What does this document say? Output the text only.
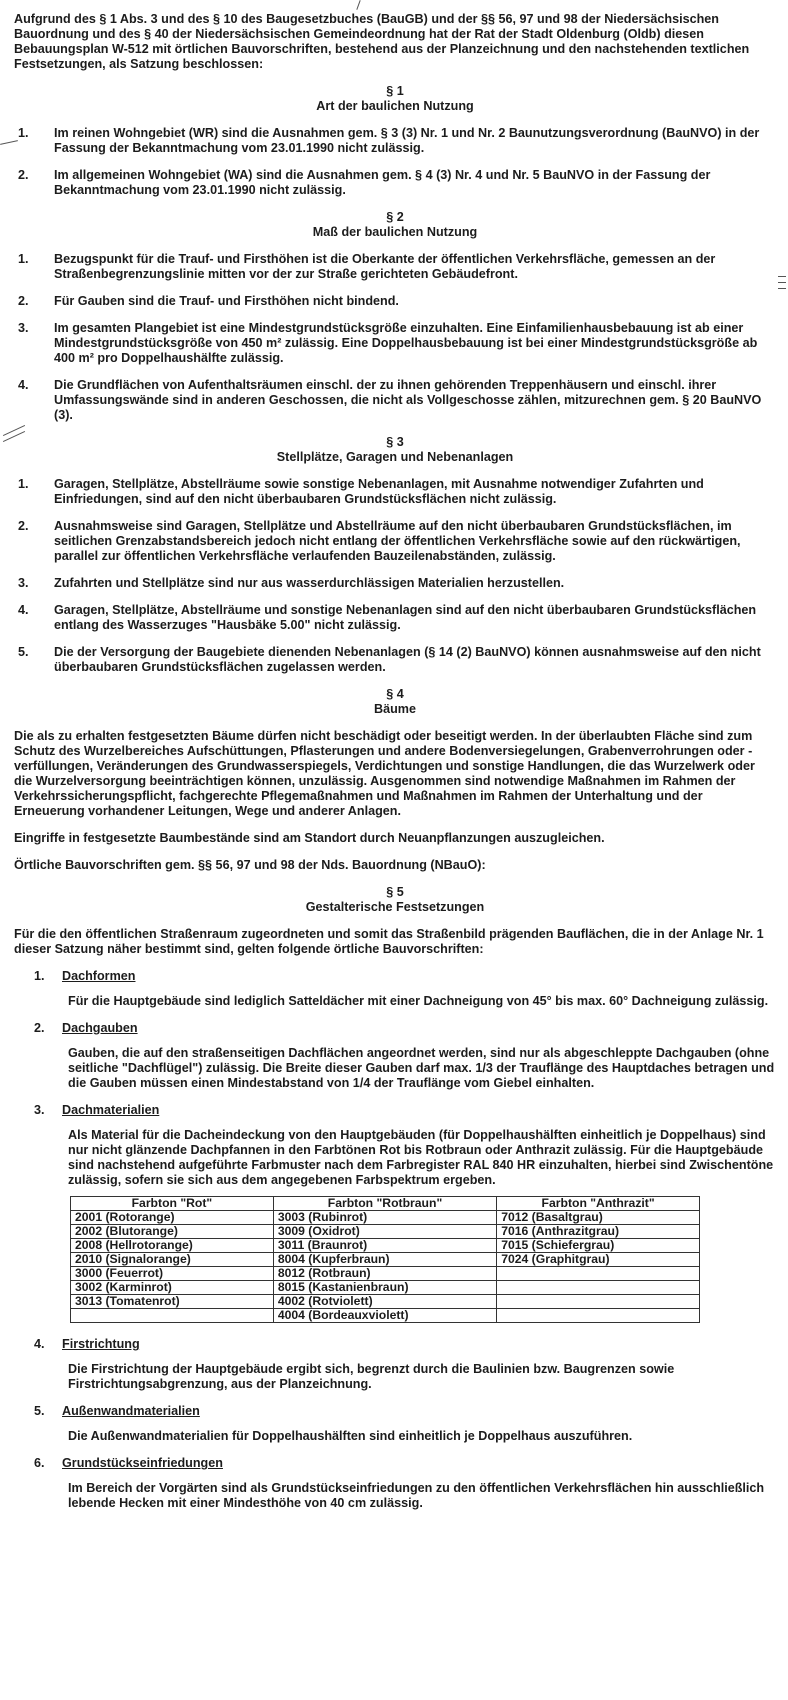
Aufgrund des § 1 Abs. 3 und des § 10 des Baugesetzbuches (BauGB) und der §§ 56, 97 und 98 der Niedersächsischen Bauordnung und des § 40 der Niedersächsischen Gemeindeordnung hat der Rat der Stadt Oldenburg (Oldb) diesen Bebauungsplan W-512 mit örtlichen Bauvorschriften, bestehend aus der Planzeichnung und den nachstehenden textlichen Festsetzungen, als Satzung beschlossen:

§ 1
Art der baulichen Nutzung
1.	Im reinen Wohngebiet (WR) sind die Ausnahmen gem. § 3 (3) Nr. 1 und Nr. 2 Baunutzungsverordnung (BauNVO) in der Fassung der Bekanntmachung vom 23.01.1990 nicht zulässig.
2.	Im allgemeinen Wohngebiet (WA) sind die Ausnahmen gem. § 4 (3) Nr. 4 und Nr. 5 BauNVO in der Fassung der Bekanntmachung vom 23.01.1990 nicht zulässig.
§ 2
Maß der baulichen Nutzung
1.	Bezugspunkt für die Trauf- und Firsthöhen ist die Oberkante der öffentlichen Verkehrsfläche, gemessen an der Straßenbegrenzungslinie mitten vor der zur Straße gerichteten Gebäudefront.
2.	Für Gauben sind die Trauf- und Firsthöhen nicht bindend.
3.	Im gesamten Plangebiet ist eine Mindestgrundstücksgröße einzuhalten. Eine Einfamilienhausbebauung ist ab einer Mindestgrundstücksgröße von 450 m² zulässig. Eine Doppelhausbebauung ist bei einer Mindestgrundstücksgröße ab 400 m² pro Doppelhaushälfte zulässig.
4.	Die Grundflächen von Aufenthaltsräumen einschl. der zu ihnen gehörenden Treppenhäusern und einschl. ihrer Umfassungswände sind in anderen Geschossen, die nicht als Vollgeschosse zählen, mitzurechnen gem. § 20 BauNVO (3).
§ 3
Stellplätze, Garagen und Nebenanlagen
1.	Garagen, Stellplätze, Abstellräume sowie sonstige Nebenanlagen, mit Ausnahme notwendiger Zufahrten und Einfriedungen, sind auf den nicht überbaubaren Grundstücksflächen nicht zulässig.
2.	Ausnahmsweise sind Garagen, Stellplätze und Abstellräume auf den nicht überbaubaren Grundstücksflächen, im seitlichen Grenzabstandsbereich jedoch nicht entlang der öffentlichen Verkehrsfläche sowie auf den rückwärtigen, parallel zur öffentlichen Verkehrsfläche verlaufenden Bauzeilenabständen, zulässig.
3.	Zufahrten und Stellplätze sind nur aus wasserdurchlässigen Materialien herzustellen.
4.	Garagen, Stellplätze, Abstellräume und sonstige Nebenanlagen sind auf den nicht überbaubaren Grundstücksflächen entlang des Wasserzuges "Hausbäke 5.00" nicht zulässig.
5.	Die der Versorgung der Baugebiete dienenden Nebenanlagen (§ 14 (2) BauNVO) können ausnahmsweise auf den nicht überbaubaren Grundstücksflächen zugelassen werden.
§ 4
Bäume

Die als zu erhalten festgesetzten Bäume dürfen nicht beschädigt oder beseitigt werden. In der überlaubten Fläche sind zum Schutz des Wurzelbereiches Aufschüttungen, Pflasterungen und andere Bodenversiegelungen, Grabenverrohrungen oder -verfüllungen, Veränderungen des Grundwasserspiegels, Verdichtungen und sonstige Handlungen, die das Wurzelwerk oder die Wurzelversorgung beeinträchtigen können, unzulässig. Ausgenommen sind notwendige Maßnahmen im Rahmen der Verkehrssicherungspflicht, fachgerechte Pflegemaßnahmen und Maßnahmen im Rahmen der Unterhaltung und der Erneuerung vorhandener Leitungen, Wege und anderer Anlagen.

Eingriffe in festgesetzte Baumbestände sind am Standort durch Neuanpflanzungen auszugleichen.

Örtliche Bauvorschriften gem. §§ 56, 97 und 98 der Nds. Bauordnung (NBauO):

§ 5
Gestalterische Festsetzungen

Für die den öffentlichen Straßenraum zugeordneten und somit das Straßenbild prägenden Bauflächen, die in der Anlage Nr. 1 dieser Satzung näher bestimmt sind, gelten folgende örtliche Bauvorschriften:

1.	Dachformen

Für die Hauptgebäude sind lediglich Satteldächer mit einer Dachneigung von 45° bis max. 60° Dachneigung zulässig.

2.	Dachgauben

Gauben, die auf den straßenseitigen Dachflächen angeordnet werden, sind nur als abgeschleppte Dachgauben (ohne seitliche "Dachflügel") zulässig. Die Breite dieser Gauben darf max. 1/3 der Trauflänge des Hauptdaches betragen und die Gauben müssen einen Mindestabstand von 1/4 der Trauflänge vom Giebel einhalten.

3.	Dachmaterialien

Als Material für die Dacheindeckung von den Hauptgebäuden (für Doppelhaushälften einheitlich je Doppelhaus) sind nur nicht glänzende Dachpfannen in den Farbtönen Rot bis Rotbraun oder Anthrazit zulässig. Für die Hauptgebäude sind nachstehend aufgeführte Farbmuster nach dem Farbregister RAL 840 HR einzuhalten, hierbei sind Zwischentöne zulässig, sofern sie sich aus dem angegebenen Farbspektrum ergeben.

Farbton "Rot"	Farbton "Rotbraun"	Farbton "Anthrazit"
2001 (Rotorange)	3003 (Rubinrot)	7012 (Basaltgrau)
2002 (Blutorange)	3009 (Oxidrot)	7016 (Anthrazitgrau)
2008 (Hellrotorange)	3011 (Braunrot)	7015 (Schiefergrau)
2010 (Signalorange)	8004 (Kupferbraun)	7024 (Graphitgrau)
3000 (Feuerrot)	8012 (Rotbraun)	
3002 (Karminrot)	8015 (Kastanienbraun)	
3013 (Tomatenrot)	4002 (Rotviolett)	
	4004 (Bordeauxviolett)	
4.	Firstrichtung

Die Firstrichtung der Hauptgebäude ergibt sich, begrenzt durch die Baulinien bzw. Baugrenzen sowie Firstrichtungsabgrenzung, aus der Planzeichnung.

5.	Außenwandmaterialien

Die Außenwandmaterialien für Doppelhaushälften sind einheitlich je Doppelhaus auszuführen.

6.	Grundstückseinfriedungen

Im Bereich der Vorgärten sind als Grundstückseinfriedungen zu den öffentlichen Verkehrsflächen hin ausschließlich lebende Hecken mit einer Mindesthöhe von 40 cm zulässig.
